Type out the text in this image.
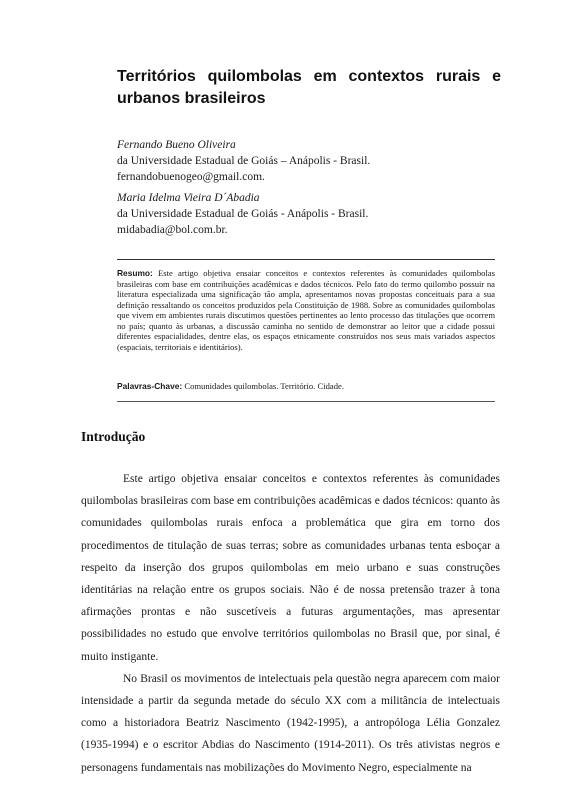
Territórios quilombolas em contextos rurais e
urbanos brasileiros
Fernando Bueno Oliveira
da Universidade Estadual de Goiás – Anápolis - Brasil.
fernandobuenogeo@gmail.com.
Maria Idelma Vieira D´Abadia
da Universidade Estadual de Goiás - Anápolis - Brasil.
midabadia@bol.com.br.
Resumo: Este artigo objetiva ensaiar conceitos e contextos referentes às comunidades quilombolas brasileiras com base em contribuições acadêmicas e dados técnicos. Pelo fato do termo quilombo possuir na literatura especializada uma significação tão ampla, apresentamos novas propostas conceituais para a sua definição ressaltando os conceitos produzidos pela Constituição de 1988. Sobre as comunidades quilombolas que vivem em ambientes rurais discutimos questões pertinentes ao lento processo das titulações que ocorrem no país; quanto às urbanas, a discussão caminha no sentido de demonstrar ao leitor que a cidade possui diferentes espacialidades, dentre elas, os espaços etnicamente construídos nos seus mais variados aspectos (espaciais, territoriais e identitários).
Palavras-Chave: Comunidades quilombolas. Território. Cidade.
Introdução

Este artigo objetiva ensaiar conceitos e contextos referentes às comunidades quilombolas brasileiras com base em contribuições acadêmicas e dados técnicos: quanto às comunidades quilombolas rurais enfoca a problemática que gira em torno dos procedimentos de titulação de suas terras; sobre as comunidades urbanas tenta esboçar a respeito da inserção dos grupos quilombolas em meio urbano e suas construções identitárias na relação entre os grupos sociais. Não é de nossa pretensão trazer à tona afirmações prontas e não suscetíveis a futuras argumentações, mas apresentar possibilidades no estudo que envolve territórios quilombolas no Brasil que, por sinal, é muito instigante.

No Brasil os movimentos de intelectuais pela questão negra aparecem com maior intensidade a partir da segunda metade do século XX com a militância de intelectuais como a historiadora Beatriz Nascimento (1942-1995), a antropóloga Lélia Gonzalez (1935-1994) e o escritor Abdias do Nascimento (1914-2011). Os três ativistas negros e personagens fundamentais nas mobilizações do Movimento Negro, especialmente na
